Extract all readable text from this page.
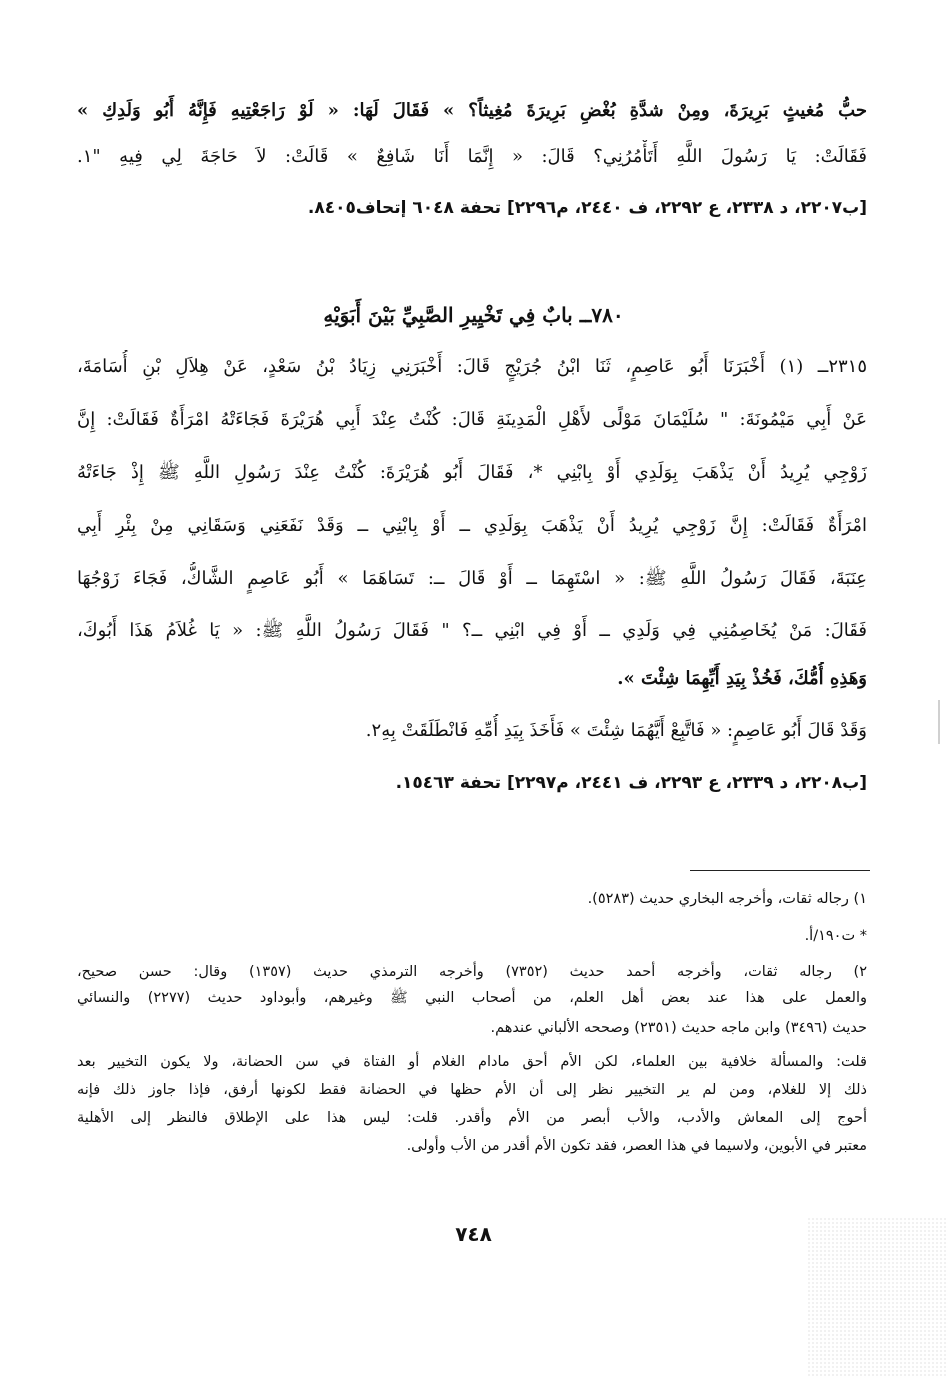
حبُّ مُغيثٍ بَرِيرَةَ، ومِنْ شدَّةِ بُغْضِ بَرِيرَةَ مُغِيثاً؟ » فَقَالَ لَهَا: « لَوْ رَاجَعْتِيهِ فَإِنَّهُ أَبُو وَلَدِكِ »
فَقَالَتْ: يَا رَسُولَ اللَّهِ أَتَأْمُرُنِي؟ قَالَ: « إِنَّمَا أَنَا شَافِعٌ » قَالَتْ: لاَ حَاجَةَ لِي فِيهِ "١.
[ب٢٢٠٧، د ٢٣٣٨، ع ٢٢٩٢، ف ٢٤٤٠، م٢٢٩٦] تحفة ٦٠٤٨ إتحاف٨٤٠٥.
٧٨٠ــ بابٌ فِي تَخْيِيرِ الصَّبِيِّ بَيْنَ أَبَوَيْهِ
٢٣١٥ــ (١) أَخْبَرَنَا أَبُو عَاصِمٍ، ثَنَا ابْنُ جُرَيْجٍ قَالَ: أَخْبَرَنِي زِيَادُ بْنُ سَعْدٍ، عَنْ هِلاَلِ بْنِ أُسَامَةَ،
عَنْ أَبِي مَيْمُونَةَ: " سُلَيْمَانَ مَوْلًى لأَهْلِ الْمَدِينَةِ قَالَ: كُنْتُ عِنْدَ أَبِي هُرَيْرَةَ فَجَاءَتْهُ امْرَأَةٌ فَقَالَتْ: إِنَّ
زَوْجِي يُرِيدُ أَنْ يَذْهَبَ بِوَلَدِي أَوْ بِابْنِي *، فَقَالَ أَبُو هُرَيْرَةَ: كُنْتُ عِنْدَ رَسُولِ اللَّهِ ﷺ إِذْ جَاءَتْهُ
امْرَأَةٌ فَقَالَتْ: إِنَّ زَوْجِي يُرِيدُ أَنْ يَذْهَبَ بِوَلَدِي ــ أَوْ بِابْنِي ــ وَقَدْ نَفَعَنِي وَسَقَانِي مِنْ بِئْرِ أَبِي
عِنَبَةَ، فَقَالَ رَسُولُ اللَّهِ ﷺ: « اسْتَهِمَا ــ أَوْ قَالَ ــ: تَسَاهَمَا » أَبُو عَاصِمٍ الشَّاكُّ، فَجَاءَ زَوْجُهَا
فَقَالَ: مَنْ يُخَاصِمُنِي فِي وَلَدِي ــ أَوْ فِي ابْنِي ــ؟ " فَقَالَ رَسُولُ اللَّهِ ﷺ: « يَا غُلاَمُ هَذَا أَبُوكَ،
وَهَذِهِ أُمُّكَ، فَخُذْ بِيَدِ أَيِّهِمَا شِئْتَ ».
وَقَدْ قَالَ أَبُو عَاصِمٍ: « فَاتَّبِعْ أَيَّهُمَا شِئْتَ » فَأَخَذَ بِيَدِ أُمِّهِ فَانْطَلَقَتْ بِهِ٢.
[ب٢٢٠٨، د ٢٣٣٩، ع ٢٢٩٣، ف ٢٤٤١، م٢٢٩٧] تحفة ١٥٤٦٣.
١) رجاله ثقات، وأخرجه البخاري حديث (٥٢٨٣).
* ت١٩٠/أ.
٢) رجاله ثقات، وأخرجه أحمد حديث (٧٣٥٢) وأخرجه الترمذي حديث (١٣٥٧) وقال: حسن صحيح،
والعمل على هذا عند بعض أهل العلم، من أصحاب النبي ﷺ وغيرهم، وأبوداود حديث (٢٢٧٧) والنسائي
حديث (٣٤٩٦) وابن ماجه حديث (٢٣٥١) وصححه الألباني عندهم.
قلت: والمسألة خلافية بين العلماء، لكن الأم أحق مادام الغلام أو الفتاة في سن الحضانة، ولا يكون التخيير بعد
ذلك إلا للغلام، ومن لم ير التخيير نظر إلى أن الأم حظها في الحضانة فقط لكونها أرفق، فإذا جاوز ذلك فإنه
أحوج إلى المعاش والأدب، والأب أبصر من الأم وأقدر. قلت: ليس هذا على الإطلاق فالنظر إلى الأهلية
معتبر في الأبوين، ولاسيما في هذا العصر، فقد تكون الأم أقدر من الأب وأولى.
٧٤٨
